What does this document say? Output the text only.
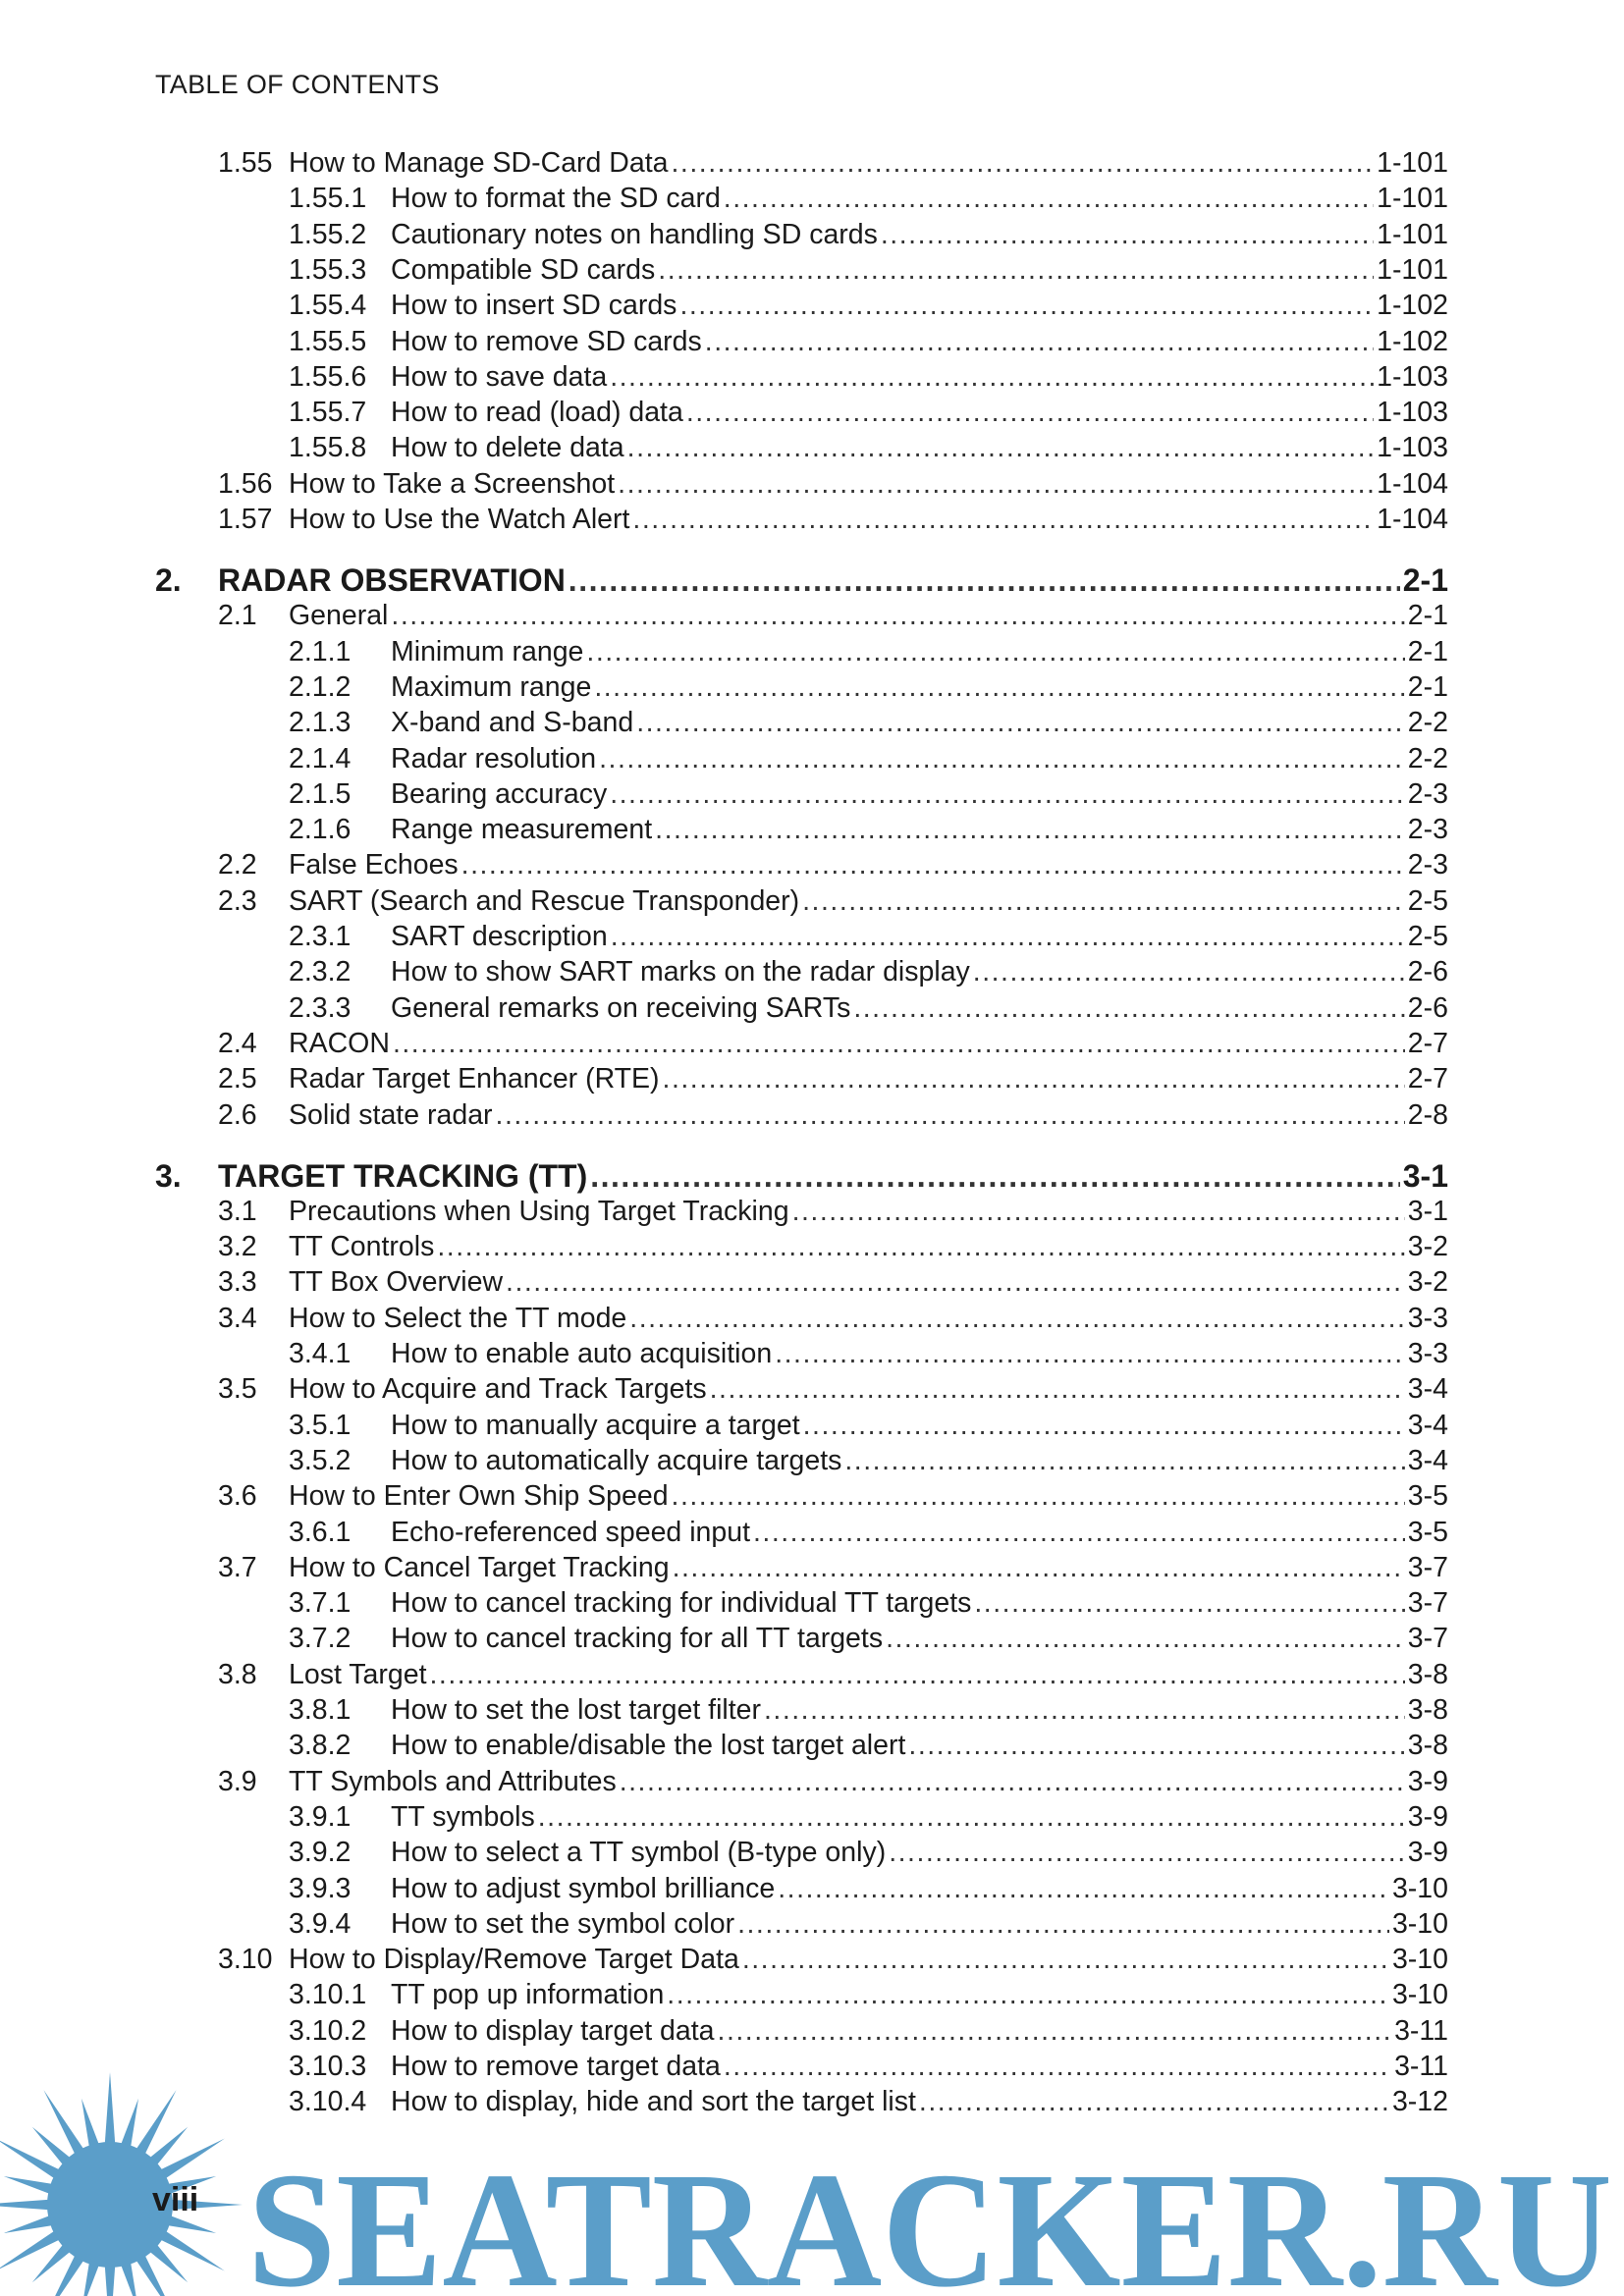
TABLE OF CONTENTS
1.55 How to Manage SD-Card Data .....	1-101
1.55.1 How to format the SD card .....	1-101
1.55.2 Cautionary notes on handling SD cards .....	1-101
1.55.3 Compatible SD cards .....	1-101
1.55.4 How to insert SD cards .....	1-102
1.55.5 How to remove SD cards .....	1-102
1.55.6 How to save data .....	1-103
1.55.7 How to read (load) data .....	1-103
1.55.8 How to delete data .....	1-103
1.56 How to Take a Screenshot .....	1-104
1.57 How to Use the Watch Alert .....	1-104
2.	RADAR OBSERVATION .....	2-1
2.1	General .....	2-1
2.1.1	Minimum range .....	2-1
2.1.2	Maximum range .....	2-1
2.1.3	X-band and S-band .....	2-2
2.1.4	Radar resolution .....	2-2
2.1.5	Bearing accuracy .....	2-3
2.1.6	Range measurement .....	2-3
2.2	False Echoes .....	2-3
2.3	SART (Search and Rescue Transponder) .....	2-5
2.3.1	SART description .....	2-5
2.3.2	How to show SART marks on the radar display .....	2-6
2.3.3	General remarks on receiving SARTs .....	2-6
2.4	RACON .....	2-7
2.5	Radar Target Enhancer (RTE) .....	2-7
2.6	Solid state radar .....	2-8
3.	TARGET TRACKING (TT) .....	3-1
3.1	Precautions when Using Target Tracking .....	3-1
3.2	TT Controls .....	3-2
3.3	TT Box Overview .....	3-2
3.4	How to Select the TT mode .....	3-3
3.4.1	How to enable auto acquisition .....	3-3
3.5	How to Acquire and Track Targets .....	3-4
3.5.1	How to manually acquire a target .....	3-4
3.5.2	How to automatically acquire targets .....	3-4
3.6	How to Enter Own Ship Speed .....	3-5
3.6.1	Echo-referenced speed input .....	3-5
3.7	How to Cancel Target Tracking .....	3-7
3.7.1	How to cancel tracking for individual TT targets .....	3-7
3.7.2	How to cancel tracking for all TT targets .....	3-7
3.8	Lost Target .....	3-8
3.8.1	How to set the lost target filter .....	3-8
3.8.2	How to enable/disable the lost target alert .....	3-8
3.9	TT Symbols and Attributes .....	3-9
3.9.1	TT symbols .....	3-9
3.9.2	How to select a TT symbol (B-type only) .....	3-9
3.9.3	How to adjust symbol brilliance .....	3-10
3.9.4	How to set the symbol color .....	3-10
3.10 How to Display/Remove Target Data .....	3-10
3.10.1 TT pop up information .....	3-10
3.10.2 How to display target data .....	3-11
3.10.3 How to remove target data .....	3-11
3.10.4 How to display, hide and sort the target list .....	3-12
SEATRACKER.RU
viii
